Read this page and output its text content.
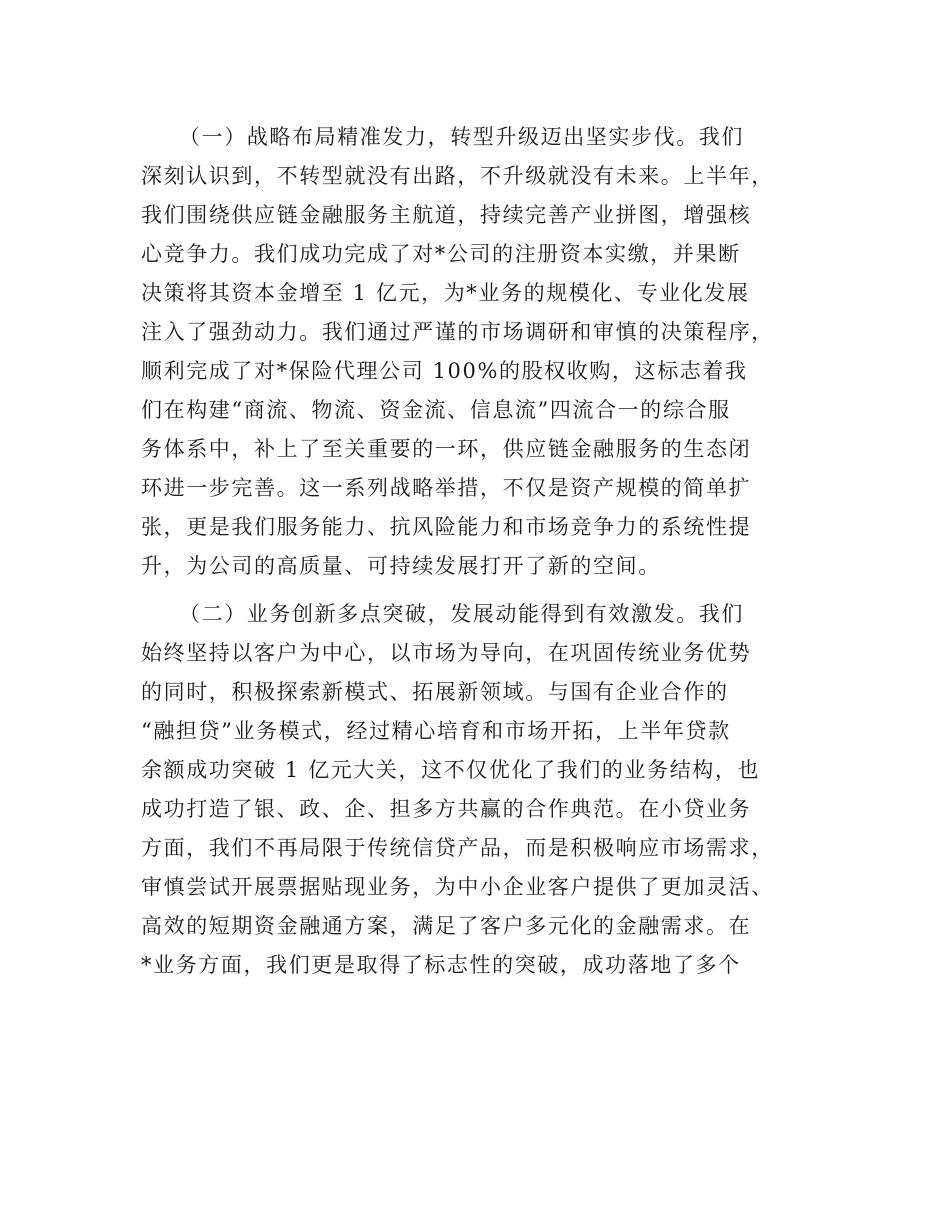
（一）战略布局精准发力，转型升级迈出坚实步伐。我们
深刻认识到，不转型就没有出路，不升级就没有未来。上半年，
我们围绕供应链金融服务主航道，持续完善产业拼图，增强核
心竞争力。我们成功完成了对*公司的注册资本实缴，并果断
决策将其资本金增至 1 亿元，为*业务的规模化、专业化发展
注入了强劲动力。我们通过严谨的市场调研和审慎的决策程序，
顺利完成了对*保险代理公司 100%的股权收购，这标志着我
们在构建“商流、物流、资金流、信息流”四流合一的综合服
务体系中，补上了至关重要的一环，供应链金融服务的生态闭
环进一步完善。这一系列战略举措，不仅是资产规模的简单扩
张，更是我们服务能力、抗风险能力和市场竞争力的系统性提
升，为公司的高质量、可持续发展打开了新的空间。
（二）业务创新多点突破，发展动能得到有效激发。我们
始终坚持以客户为中心，以市场为导向，在巩固传统业务优势
的同时，积极探索新模式、拓展新领域。与国有企业合作的
“融担贷”业务模式，经过精心培育和市场开拓，上半年贷款
余额成功突破 1 亿元大关，这不仅优化了我们的业务结构，也
成功打造了银、政、企、担多方共赢的合作典范。在小贷业务
方面，我们不再局限于传统信贷产品，而是积极响应市场需求，
审慎尝试开展票据贴现业务，为中小企业客户提供了更加灵活、
高效的短期资金融通方案，满足了客户多元化的金融需求。在
*业务方面，我们更是取得了标志性的突破，成功落地了多个
